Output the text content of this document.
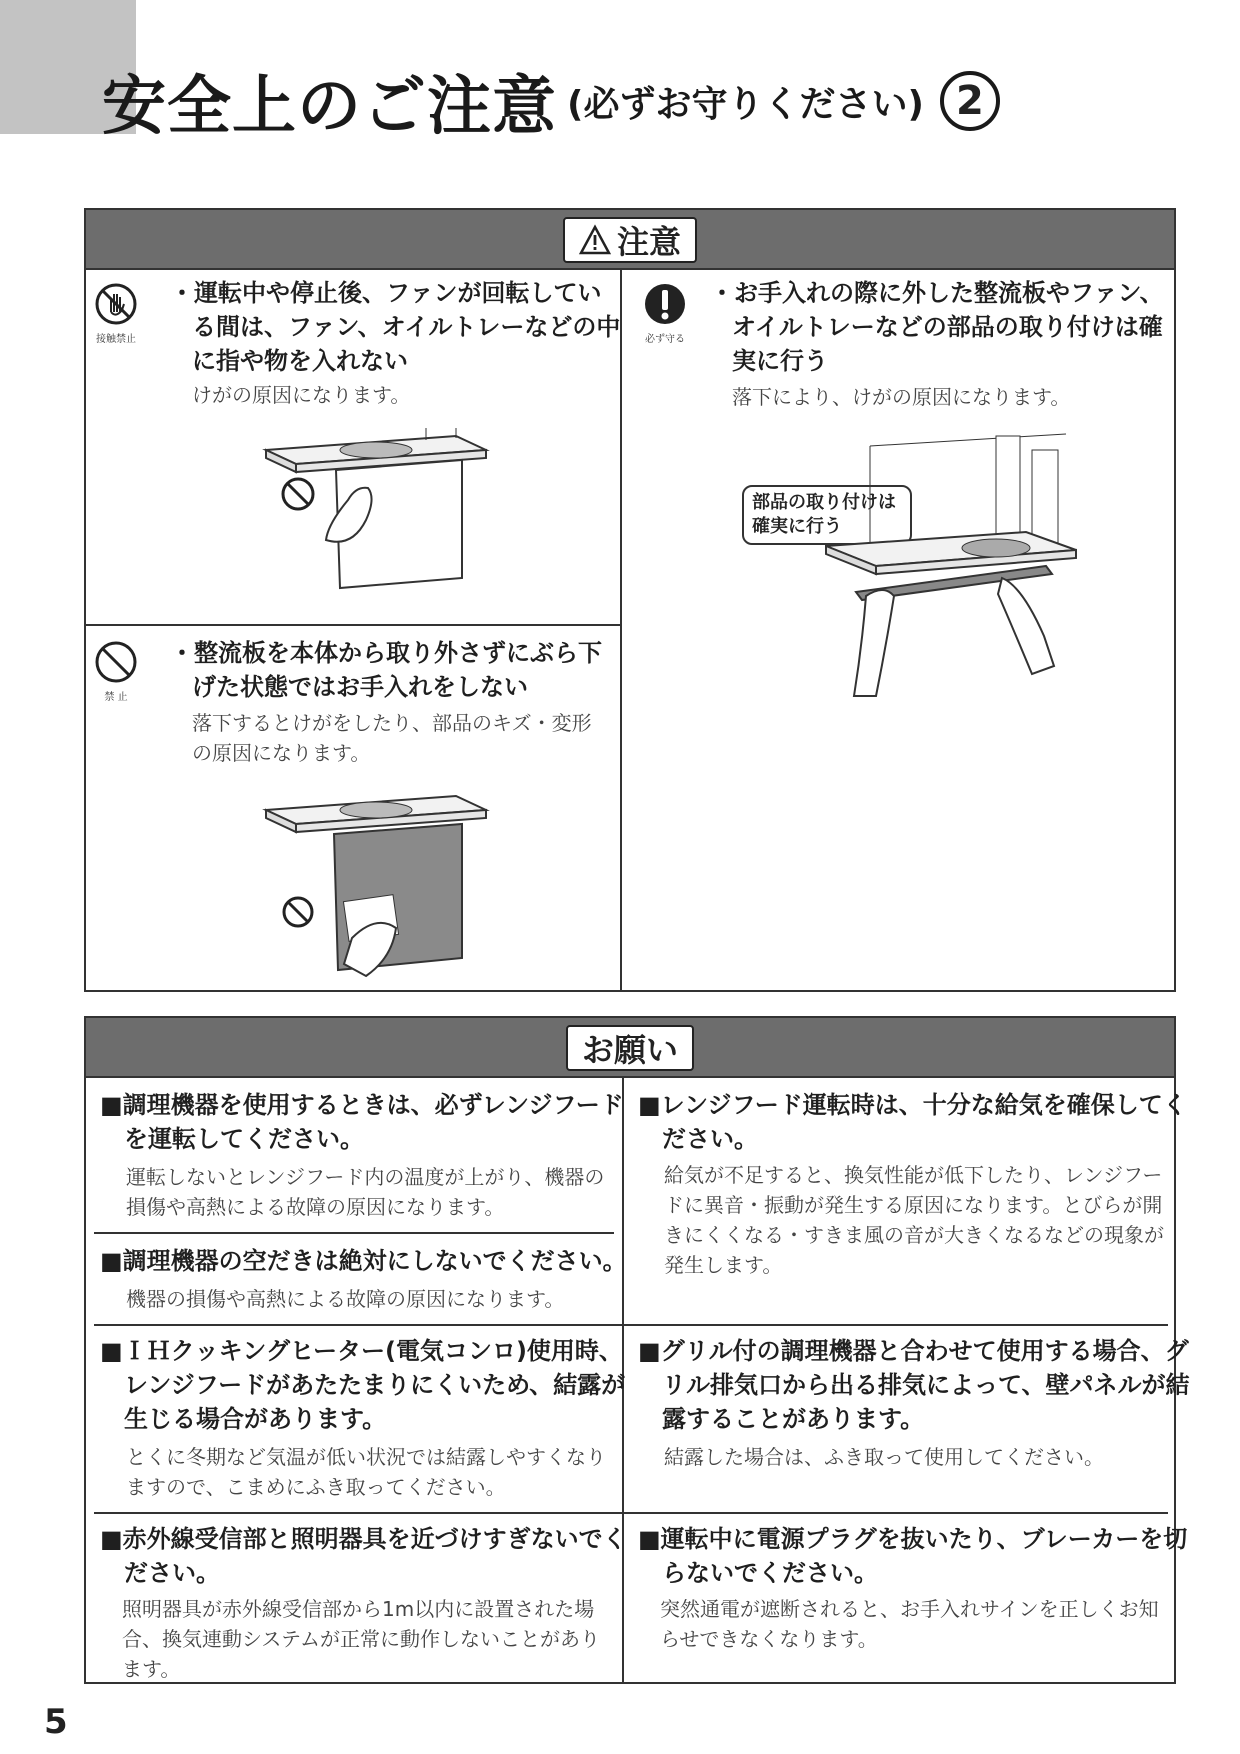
安全上のご注意 (必ずお守りください) 2
注意
接触禁止
・運転中や停止後、ファンが回転している間は、ファン、オイルトレーなどの中に指や物を入れない
けがの原因になります。
必ず守る
・お手入れの際に外した整流板やファン、オイルトレーなどの部品の取り付けは確実に行う
落下により、けがの原因になります。
部品の取り付けは確実に行う
禁 止
・整流板を本体から取り外さずにぶら下げた状態ではお手入れをしない
落下するとけがをしたり、部品のキズ・変形の原因になります。
お願い
■調理機器を使用するときは、必ずレンジフードを運転してください。
運転しないとレンジフード内の温度が上がり、機器の損傷や高熱による故障の原因になります。
■レンジフード運転時は、十分な給気を確保してください。
給気が不足すると、換気性能が低下したり、レンジフードに異音・振動が発生する原因になります。とびらが開きにくくなる・すきま風の音が大きくなるなどの現象が発生します。
■調理機器の空だきは絶対にしないでください。
機器の損傷や高熱による故障の原因になります。
■ＩＨクッキングヒーター(電気コンロ)使用時、レンジフードがあたたまりにくいため、結露が生じる場合があります。
とくに冬期など気温が低い状況では結露しやすくなりますので、こまめにふき取ってください。
■グリル付の調理機器と合わせて使用する場合、グリル排気口から出る排気によって、壁パネルが結露することがあります。
結露した場合は、ふき取って使用してください。
■赤外線受信部と照明器具を近づけすぎないでください。
照明器具が赤外線受信部から1m以内に設置された場合、換気連動システムが正常に動作しないことがあります。
■運転中に電源プラグを抜いたり、ブレーカーを切らないでください。
突然通電が遮断されると、お手入れサインを正しくお知らせできなくなります。
5
